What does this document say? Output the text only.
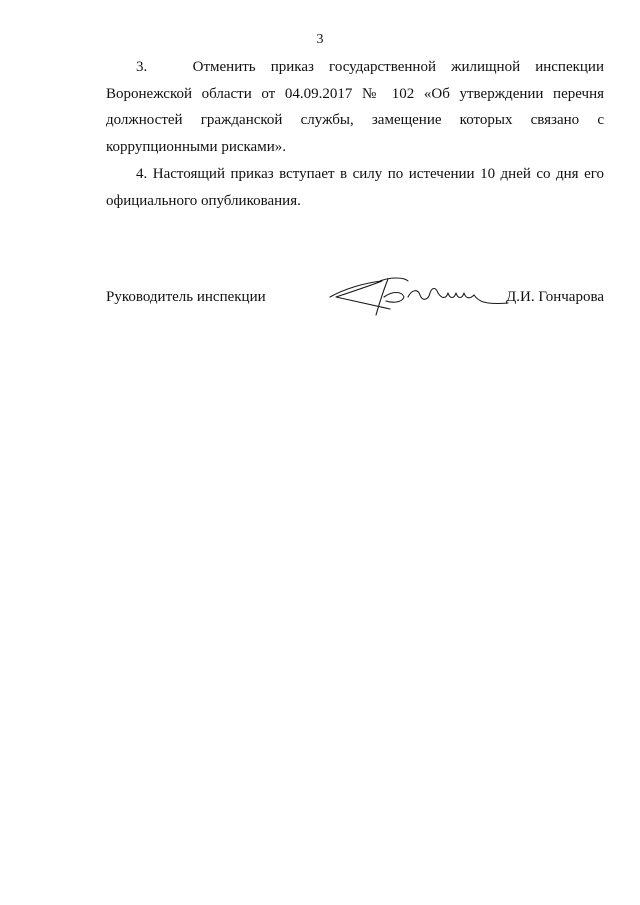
3

3.	Отменить приказ государственной жилищной инспекции Воронежской области от 04.09.2017 № 102 «Об утверждении перечня должностей гражданской службы, замещение которых связано с коррупционными рисками».

4. Настоящий приказ вступает в силу по истечении 10 дней со дня его официального опубликования.

Руководитель инспекции	Д.И. Гончарова
